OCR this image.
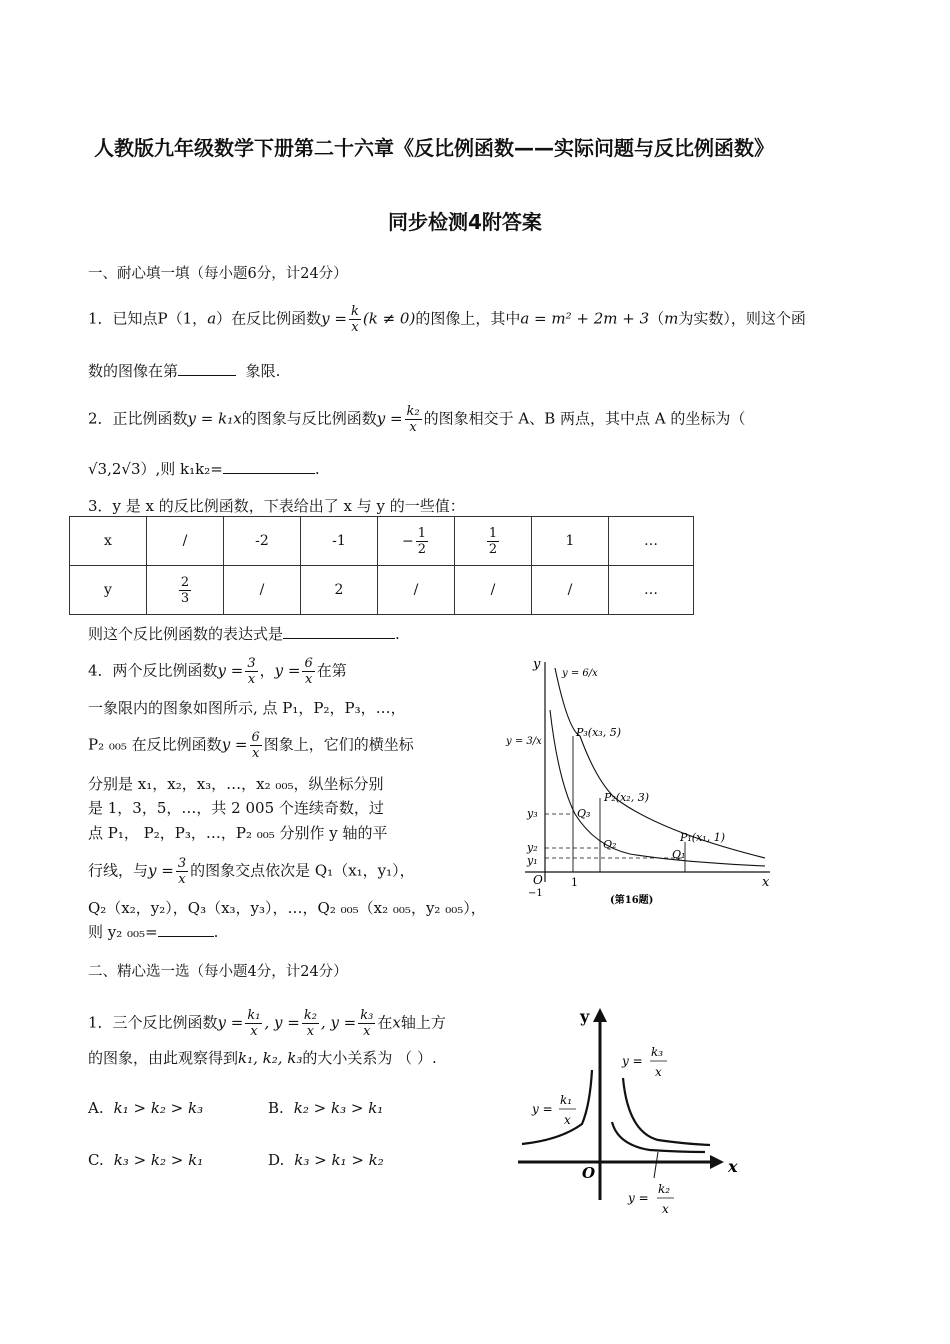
人教版九年级数学下册第二十六章《反比例函数——实际问题与反比例函数》
同步检测4附答案
一、耐心填一填（每小题6分，计24分）
1．已知点P（1，a）在反比例函数$y = \frac{k}{x} (k \ne 0)$的图像上，其中a = m² + 2m + 3（m为实数），则这个函
数的图像在第	象限.
2．正比例函数y = k₁x的图象与反比例函数$y = \frac{\text{k₂}}{x}$ 的图象相交于 A、B 两点，其中点 A 的坐标为（
√3,2√3）,则 k₁k₂=	.
3．y 是 x 的反比例函数，下表给出了 x 与 y 的一些值：
x	/	-2	-1	− $\frac{1}{2}$	$\frac{1}{2}$	1	…
y	$\frac{2}{3}$	/	2	/	/	/	…
则这个反比例函数的表达式是	.
4．两个反比例函数$y = \frac{3}{x}$ ，$y = \frac{6}{x}$ 在第
一象限内的图象如图所示, 点 P₁，P₂，P₃，…，
P₂ ₀₀₅ 在反比例函数$y = \frac{6}{x}$ 图象上，它们的横坐标
分别是 x₁，x₂，x₃，…，x₂ ₀₀₅，纵坐标分别
是 1，3，5，…，共 2 005 个连续奇数，过
点 P₁， P₂，P₃，…，P₂ ₀₀₅ 分别作 y 轴的平
行线，与$y = \frac{3}{x}$ 的图象交点依次是 Q₁（x₁，y₁），
Q₂（x₂，y₂），Q₃（x₃，y₃），…，Q₂ ₀₀₅（x₂ ₀₀₅，y₂ ₀₀₅），
则 y₂ ₀₀₅=	.
y
x
O
−1
1
y = 6/x
y = 3/x
P₃(x₃, 5)
P₂(x₂, 3)
P₁(x₁, 1)
Q₃
Q₂
Q₁
y₃
y₂
y₁
(第16题)
二、精心选一选（每小题4分，计24分）
1．三个反比例函数$y = \frac{\text{k₁}}{x}$ , $y = \frac{\text{k₂}}{x}$ , $y = \frac{\text{k₃}}{x}$ 在x轴上方
的图象，由此观察得到k₁, k₂, k₃的大小关系为 （ ）.
A. k₁ > k₂ > k₃	B. k₂ > k₃ > k₁
C. k₃ > k₂ > k₁	D. k₃ > k₁ > k₂
y
x
O
y =
k₃
x
y =
k₁
x
y =
k₂
x
